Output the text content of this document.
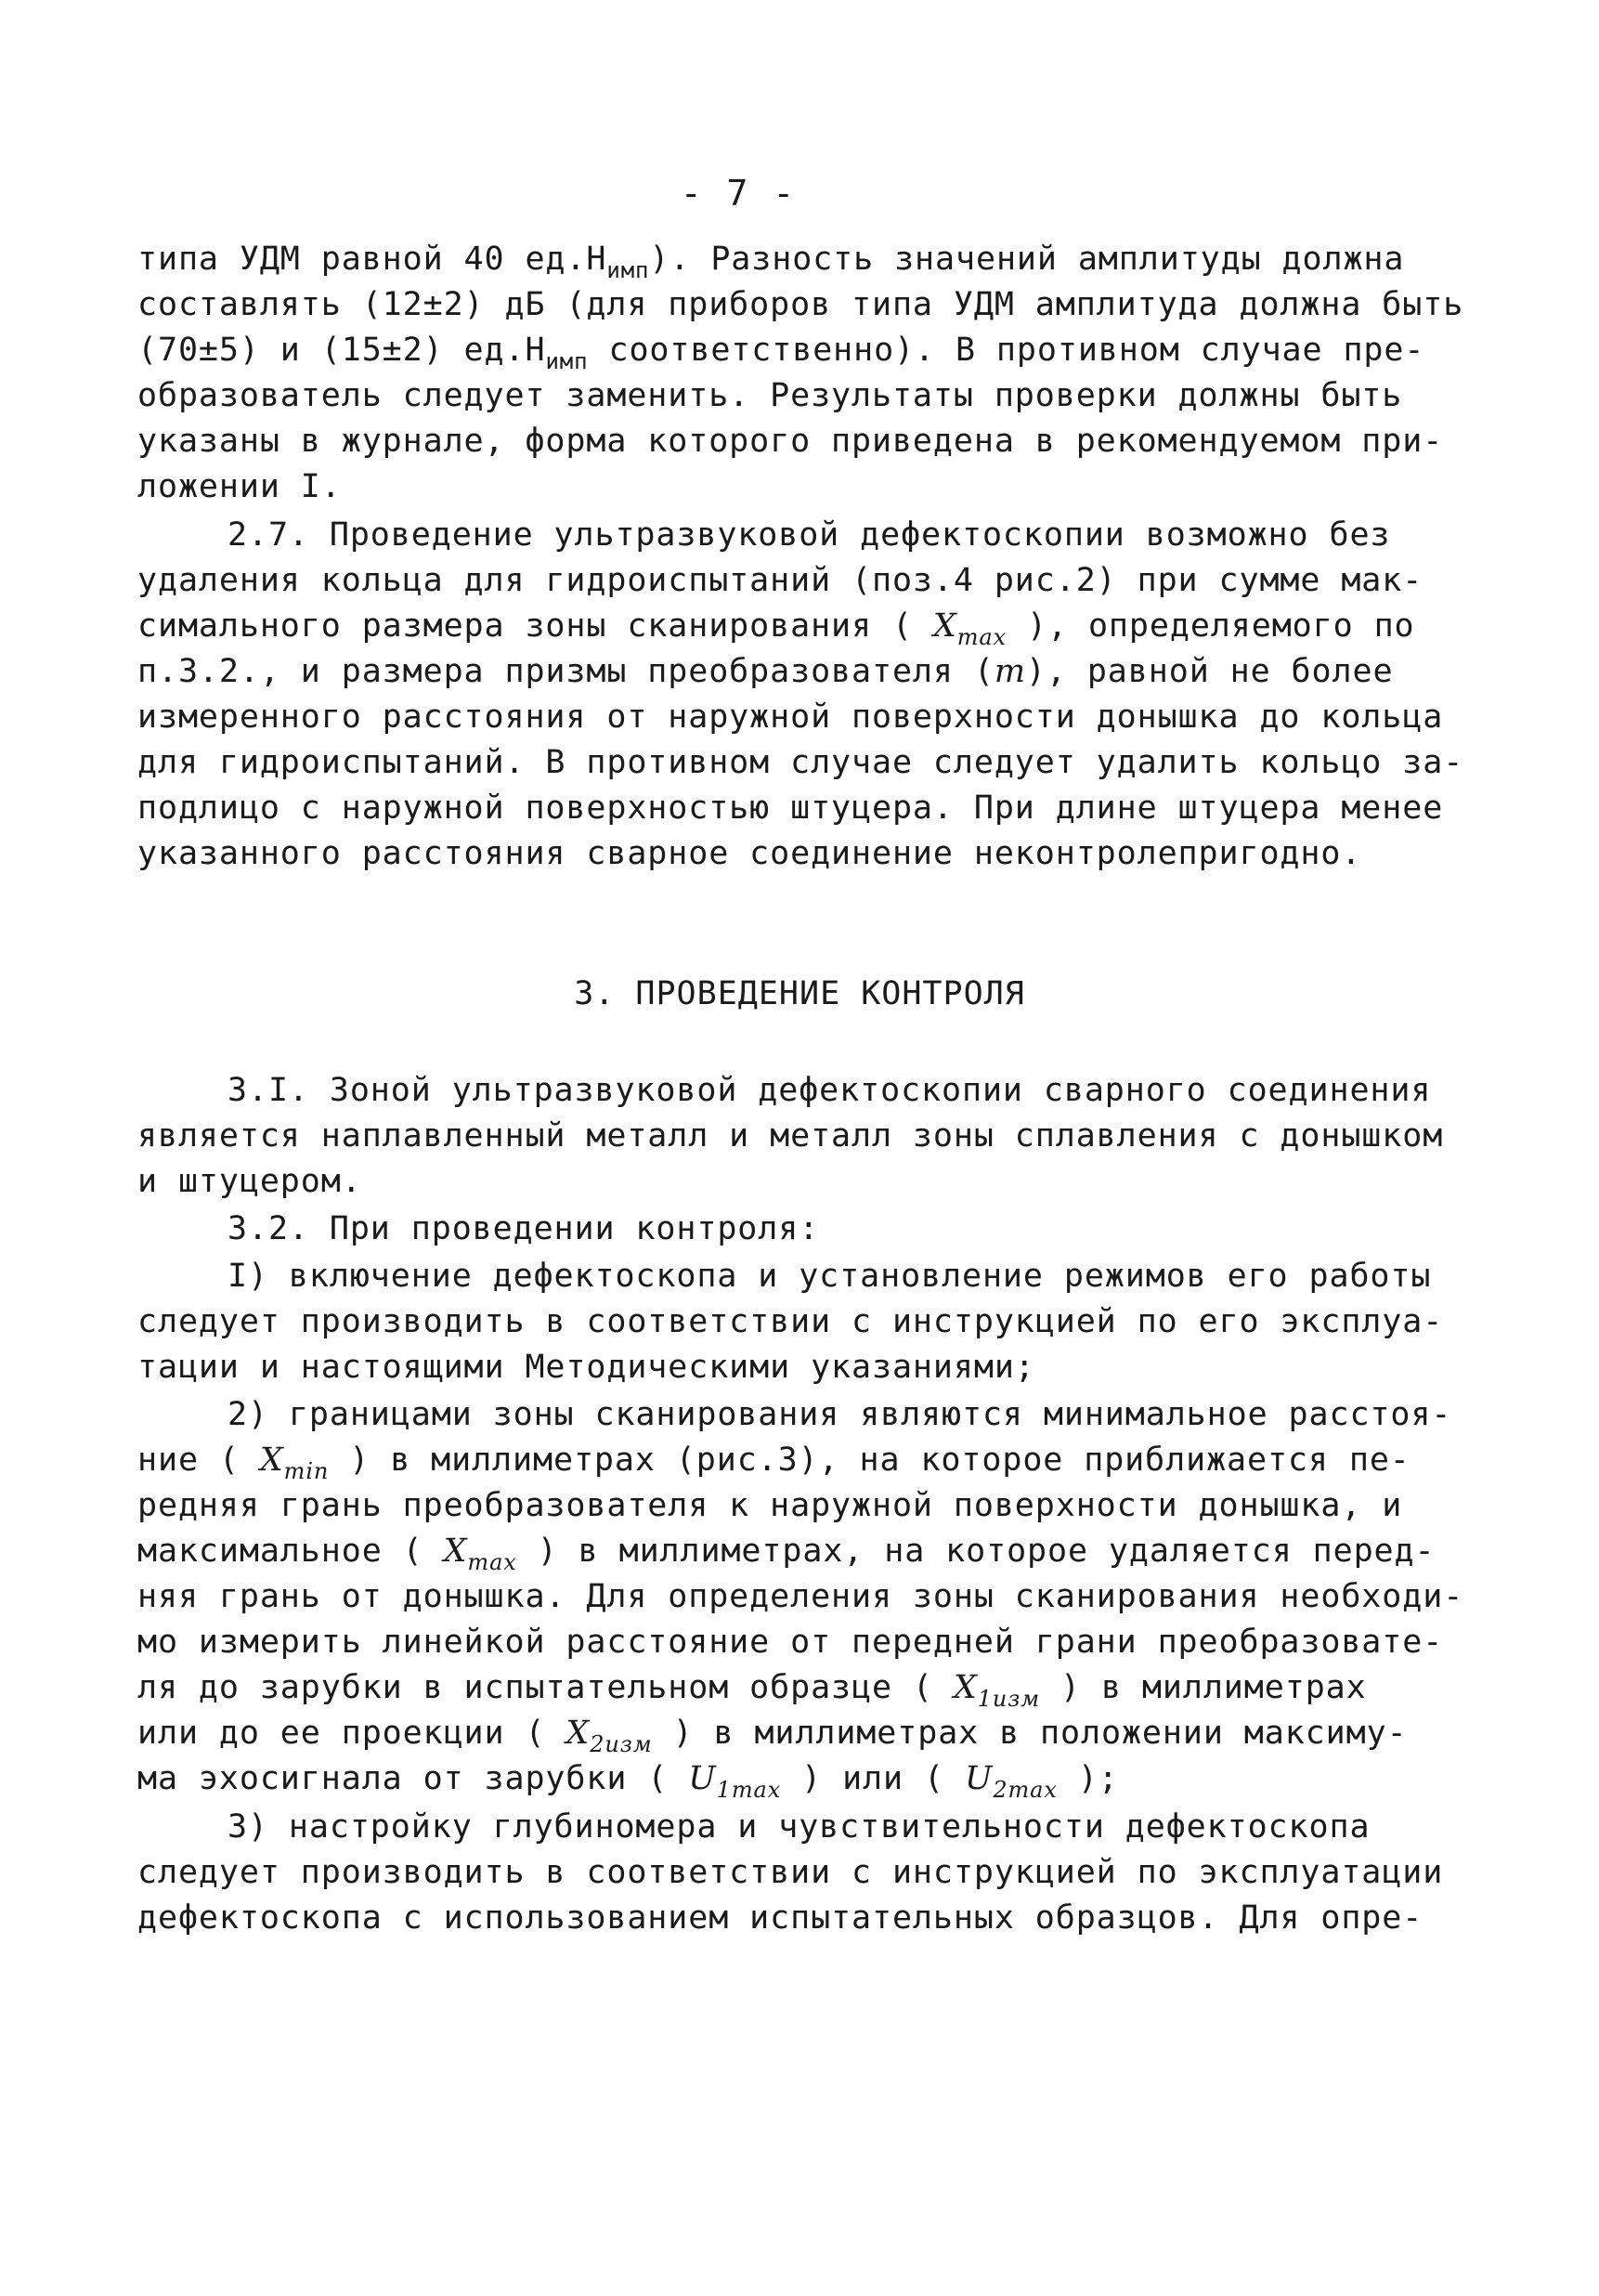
- 7 -
типа УДМ равной 40 $ед.Н_{имп}$). Разность значений амплитуды должна
составлять (12±2) дБ (для приборов типа УДМ амплитуда должна быть
(70±5) и (15±2) $ед.Н_{имп}$ соответственно). В противном случае пре-
образователь следует заменить. Результаты проверки должны быть
указаны в журнале, форма которого приведена в рекомендуемом при-
ложении I.
2.7. Проведение ультразвуковой дефектоскопии возможно без
удаления кольца для гидроиспытаний (поз.4 рис.2) при сумме мак-
симального размера зоны сканирования ( $X_{max}$ ), определяемого по
п.3.2., и размера призмы преобразователя (m), равной не более
измеренного расстояния от наружной поверхности донышка до кольца
для гидроиспытаний. В противном случае следует удалить кольцо за-
подлицо с наружной поверхностью штуцера. При длине штуцера менее
указанного расстояния сварное соединение неконтролепригодно.
3. ПРОВЕДЕНИЕ КОНТРОЛЯ
3.I. Зоной ультразвуковой дефектоскопии сварного соединения
является наплавленный металл и металл зоны сплавления с донышком
и штуцером.
3.2. При проведении контроля:
I) включение дефектоскопа и установление режимов его работы
следует производить в соответствии с инструкцией по его эксплуа-
тации и настоящими Методическими указаниями;
2) границами зоны сканирования являются минимальное расстоя-
ние ( $X_{min}$ ) в миллиметрах (рис.3), на которое приближается пе-
редняя грань преобразователя к наружной поверхности донышка, и
максимальное ( $X_{max}$ ) в миллиметрах, на которое удаляется перед-
няя грань от донышка. Для определения зоны сканирования необходи-
мо измерить линейкой расстояние от передней грани преобразовате-
ля до зарубки в испытательном образце ( $X_{1изм}$ ) в миллиметрах
или до ее проекции ( $X_{2изм}$ ) в миллиметрах в положении максиму-
ма эхосигнала от зарубки ( $U_{1max}$ ) или ( $U_{2max}$ );
3) настройку глубиномера и чувствительности дефектоскопа
следует производить в соответствии с инструкцией по эксплуатации
дефектоскопа с использованием испытательных образцов. Для опре-
